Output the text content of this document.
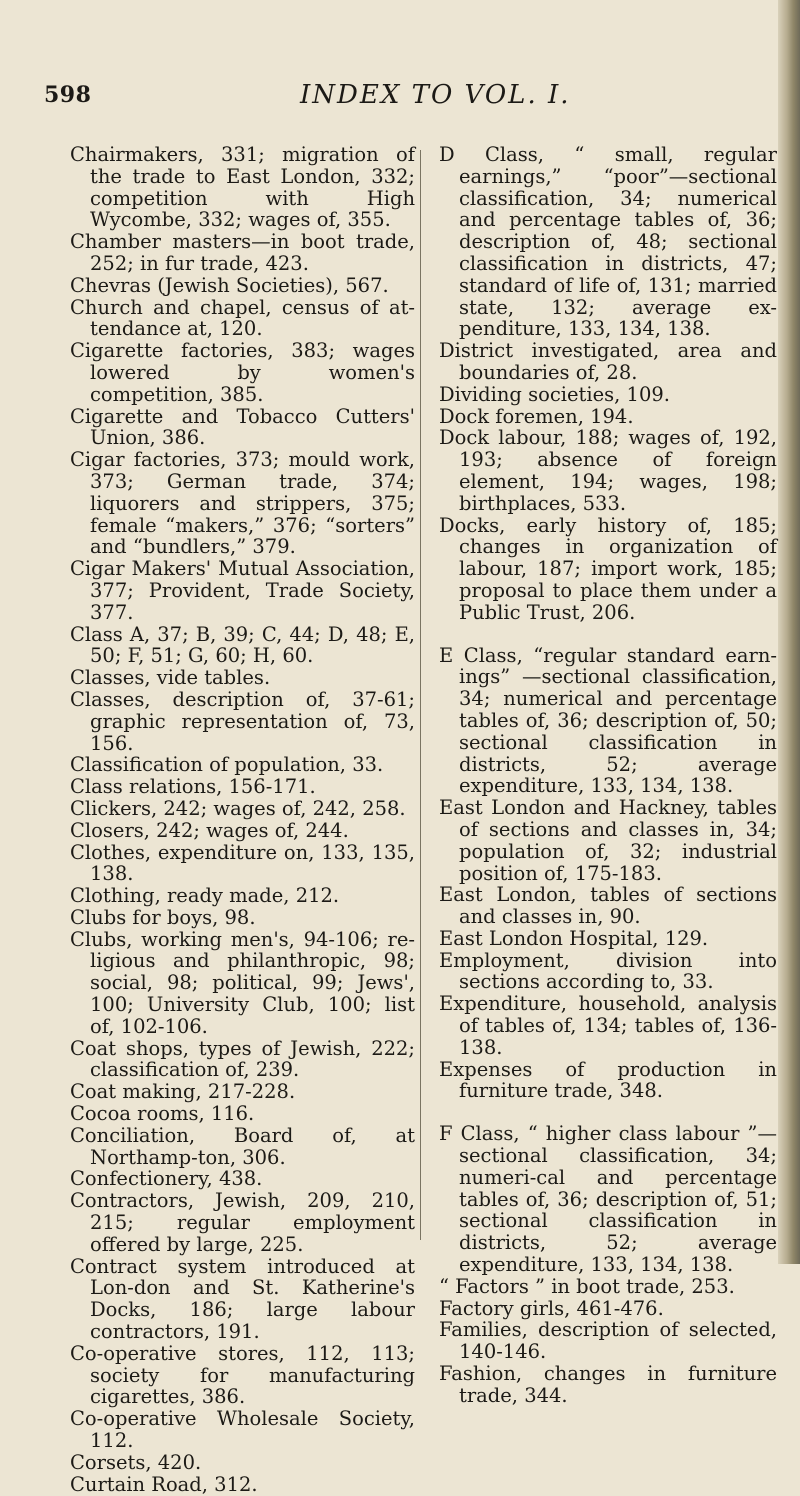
598	INDEX TO VOL. I.

Chairmakers, 331; migration of the trade to East London, 332; competition with High Wycombe, 332; wages of, 355.

Chamber masters—in boot trade, 252; in fur trade, 423.

Chevras (Jewish Societies), 567.

Church and chapel, census of at-tendance at, 120.

Cigarette factories, 383; wages lowered by women's competition, 385.

Cigarette and Tobacco Cutters' Union, 386.

Cigar factories, 373; mould work, 373; German trade, 374; liquorers and strippers, 375; female “makers,” 376; “sorters” and “bundlers,” 379.

Cigar Makers' Mutual Association, 377; Provident, Trade Society, 377.

Class A, 37; B, 39; C, 44; D, 48; E, 50; F, 51; G, 60; H, 60.

Classes, vide tables.

Classes, description of, 37-61; graphic representation of, 73, 156.

Classification of population, 33.

Class relations, 156-171.

Clickers, 242; wages of, 242, 258.

Closers, 242; wages of, 244.

Clothes, expenditure on, 133, 135, 138.

Clothing, ready made, 212.

Clubs for boys, 98.

Clubs, working men's, 94-106; re-ligious and philanthropic, 98; social, 98; political, 99; Jews', 100; University Club, 100; list of, 102-106.

Coat shops, types of Jewish, 222; classification of, 239.

Coat making, 217-228.

Cocoa rooms, 116.

Conciliation, Board of, at Northamp-ton, 306.

Confectionery, 438.

Contractors, Jewish, 209, 210, 215; regular employment offered by large, 225.

Contract system introduced at Lon-don and St. Katherine's Docks, 186; large labour contractors, 191.

Co-operative stores, 112, 113; society for manufacturing cigarettes, 386.

Co-operative Wholesale Society, 112.

Corsets, 420.

Curtain Road, 312.

D Class, “ small, regular earnings,” “poor”—sectional classification, 34; numerical and percentage tables of, 36; description of, 48; sectional classification in districts, 47; standard of life of, 131; married state, 132; average ex-penditure, 133, 134, 138.

District investigated, area and boundaries of, 28.

Dividing societies, 109.

Dock foremen, 194.

Dock labour, 188; wages of, 192, 193; absence of foreign element, 194; wages, 198; birthplaces, 533.

Docks, early history of, 185; changes in organization of labour, 187; import work, 185; proposal to place them under a Public Trust, 206.

E Class, “regular standard earn-ings” —sectional classification, 34; numerical and percentage tables of, 36; description of, 50; sectional classification in districts, 52; average expenditure, 133, 134, 138.

East London and Hackney, tables of sections and classes in, 34; population of, 32; industrial position of, 175-183.

East London, tables of sections and classes in, 90.

East London Hospital, 129.

Employment, division into sections according to, 33.

Expenditure, household, analysis of tables of, 134; tables of, 136-138.

Expenses of production in furniture trade, 348.

F Class, “ higher class labour ”— sectional classification, 34; numeri-cal and percentage tables of, 36; description of, 51; sectional classification in districts, 52; average expenditure, 133, 134, 138.

“ Factors ” in boot trade, 253.

Factory girls, 461-476.

Families, description of selected, 140-146.

Fashion, changes in furniture trade, 344.
